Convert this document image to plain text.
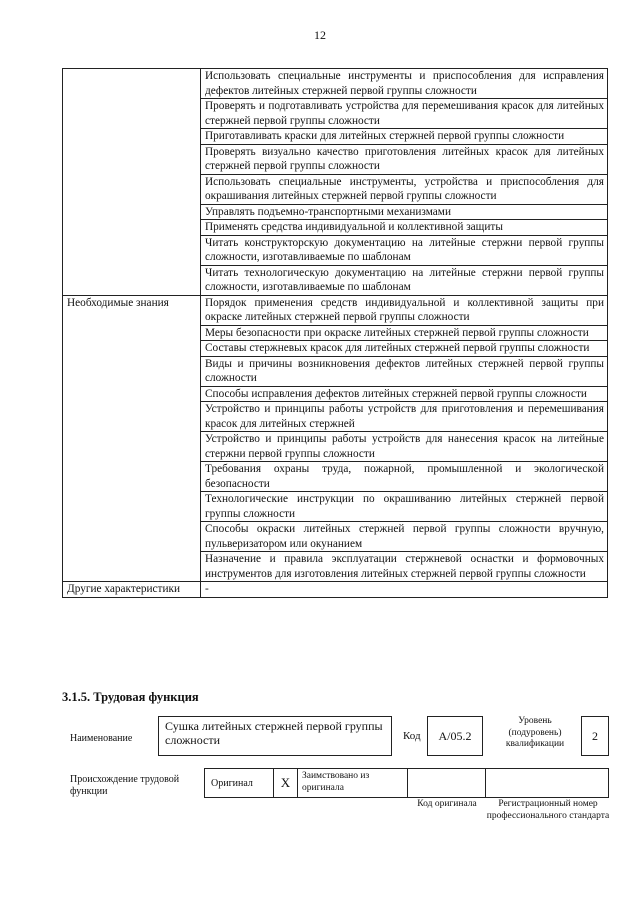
12
	Использовать специальные инструменты и приспособления для исправления дефектов литейных стержней первой группы сложности
	Проверять и подготавливать устройства для перемешивания красок для литейных стержней первой группы сложности
	Приготавливать краски для литейных стержней первой группы сложности
	Проверять визуально качество приготовления литейных красок для литейных стержней первой группы сложности
	Использовать специальные инструменты, устройства и приспособления для окрашивания литейных стержней первой группы сложности
	Управлять подъемно-транспортными механизмами
	Применять средства индивидуальной и коллективной защиты
	Читать конструкторскую документацию на литейные стержни первой группы сложности, изготавливаемые по шаблонам
	Читать технологическую документацию на литейные стержни первой группы сложности, изготавливаемые по шаблонам
Необходимые знания	Порядок применения средств индивидуальной и коллективной защиты при окраске литейных стержней первой группы сложности
	Меры безопасности при окраске литейных стержней первой группы сложности
	Составы стержневых красок для литейных стержней первой группы сложности
	Виды и причины возникновения дефектов литейных стержней первой группы сложности
	Способы исправления дефектов литейных стержней первой группы сложности
	Устройство и принципы работы устройств для приготовления и перемешивания красок для литейных стержней
	Устройство и принципы работы устройств для нанесения красок на литейные стержни первой группы сложности
	Требования охраны труда, пожарной, промышленной и экологической безопасности
	Технологические инструкции по окрашиванию литейных стержней первой группы сложности
	Способы окраски литейных стержней первой группы сложности вручную, пульверизатором или окунанием
	Назначение и правила эксплуатации стержневой оснастки и формовочных инструментов для изготовления литейных стержней первой группы сложности
Другие характеристики	-
3.1.5. Трудовая функция
Наименование
Сушка литейных стержней первой группы сложности	Код	A/05.2
Уровень (подуровень) квалификации
2
Происхождение трудовой функции
Оригинал	X	Заимствовано из оригинала
Код оригинала	Регистрационный номер профессионального стандарта
